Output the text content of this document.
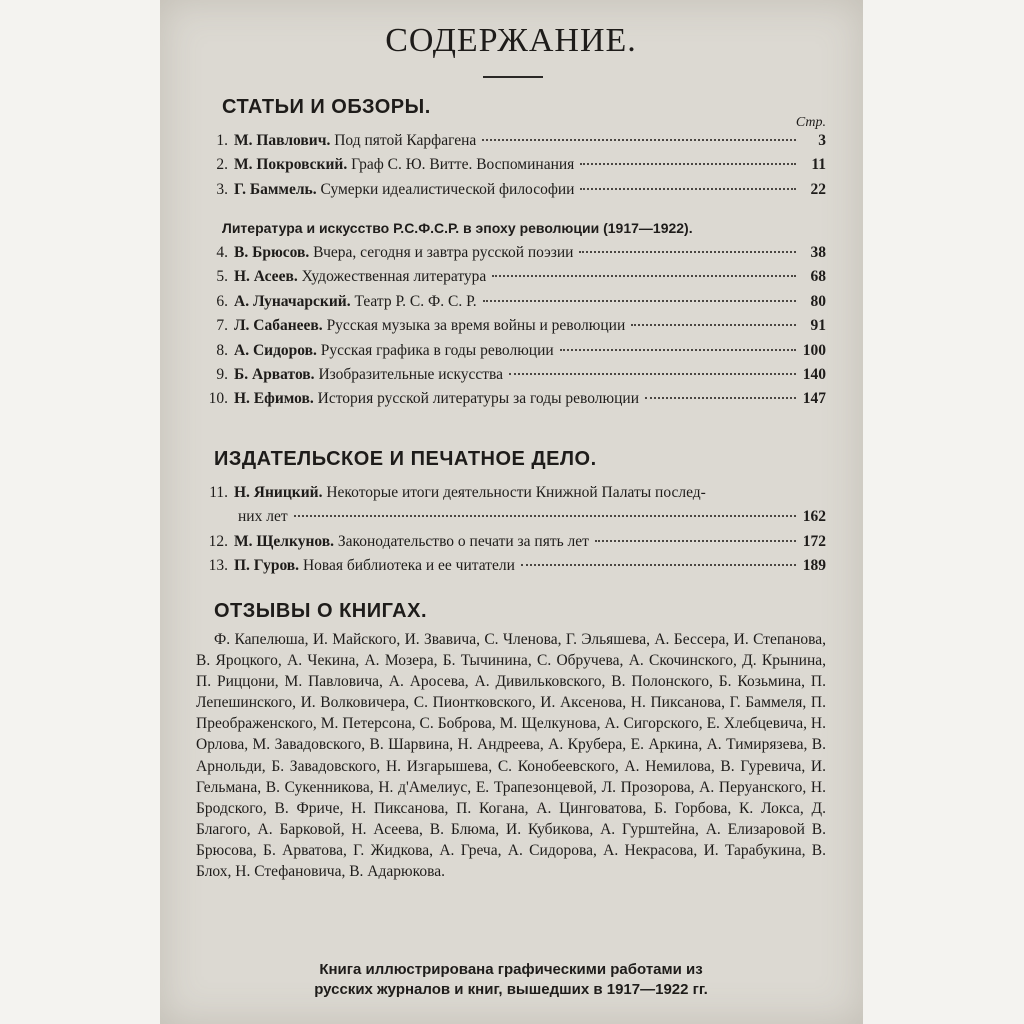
СОДЕРЖАНИЕ.
СТАТЬИ И ОБЗОРЫ.
Стр.
1. М. Павлович. Под пятой Карфагена	3
2. М. Покровский. Граф С. Ю. Витте. Воспоминания	11
3. Г. Баммель. Сумерки идеалистической философии	22
Литература и искусство Р.С.Ф.С.Р. в эпоху революции (1917—1922).
4. В. Брюсов. Вчера, сегодня и завтра русской поэзии	38
5. Н. Асеев. Художественная литература	68
6. А. Луначарский. Театр Р. С. Ф. С. Р.	80
7. Л. Сабанеев. Русская музыка за время войны и революции	91
8. А. Сидоров. Русская графика в годы революции	100
9. Б. Арватов. Изобразительные искусства	140
10. Н. Ефимов. История русской литературы за годы революции	147
ИЗДАТЕЛЬСКОЕ И ПЕЧАТНОЕ ДЕЛО.
11. Н. Яницкий. Некоторые итоги деятельности Книжной Палаты послед-
них лет	162
12. М. Щелкунов. Законодательство о печати за пять лет	172
13. П. Гуров. Новая библиотека и ее читатели	189
ОТЗЫВЫ О КНИГАХ.
Ф. Капелюша, И. Майского, И. Звавича, С. Членова, Г. Эльяшева, А. Бессера, И. Степанова, В. Яроцкого, А. Чекина, А. Мозера, Б. Тычинина, С. Обручева, А. Скочинского, Д. Крынина, П. Риццони, М. Павловича, А. Аросева, А. Дивильковского, В. Полонского, Б. Козьмина, П. Лепешинского, И. Волковичера, С. Пионтковского, И. Аксенова, Н. Пиксанова, Г. Баммеля, П. Преображенского, М. Петерсона, С. Боброва, М. Щелкунова, А. Сигорского, Е. Хлебцевича, Н. Орлова, М. Завадовского, В. Шарвина, Н. Андреева, А. Крубера, Е. Аркина, А. Тимирязева, В. Арнольди, Б. Завадовского, Н. Изгарышева, С. Конобеевского, А. Немилова, В. Гуревича, И. Гельмана, В. Сукенникова, Н. д'Амелиус, Е. Трапезонцевой, Л. Прозорова, А. Перуанского, Н. Бродского, В. Фриче, Н. Пиксанова, П. Когана, А. Цинговатова, Б. Горбова, К. Локса, Д. Благого, А. Барковой, Н. Асеева, В. Блюма, И. Кубикова, А. Гурштейна, А. Елизаровой В. Брюсова, Б. Арватова, Г. Жидкова, А. Греча, А. Сидорова, А. Некрасова, И. Тарабукина, В. Блох, Н. Стефановича, В. Адарюкова.
Книга иллюстрирована графическими работами из
русских журналов и книг, вышедших в 1917—1922 гг.
